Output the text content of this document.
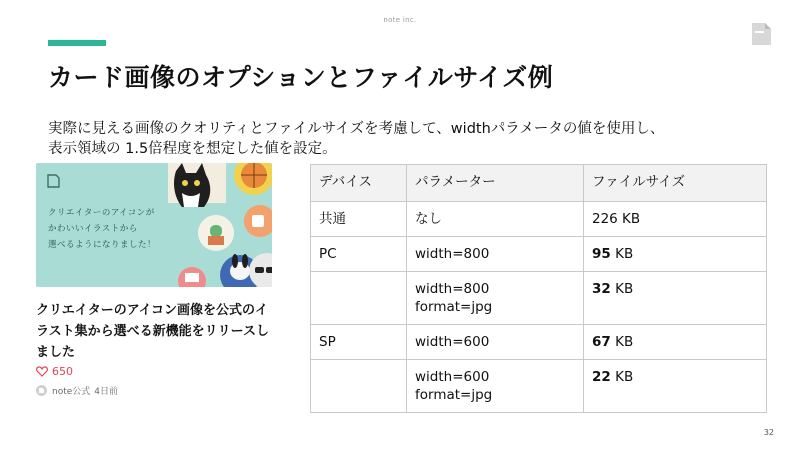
note inc.
カード画像のオプションとファイルサイズ例
実際に見える画像のクオリティとファイルサイズを考慮して、widthパラメータの値を使用し、
表示領域の 1.5倍程度を想定した値を設定。
クリエイターのアイコンが
かわいいイラストから
選べるようになりました！
クリエイターのアイコン画像を公式のイラスト集から選べる新機能をリリースしました
650
note公式 4日前
デバイス	パラメーター	ファイルサイズ
共通	なし	226 KB
PC	width=800	95 KB

	width=800
format=jpg	32 KB
SP	width=600	67 KB

	width=600
format=jpg	22 KB
32
